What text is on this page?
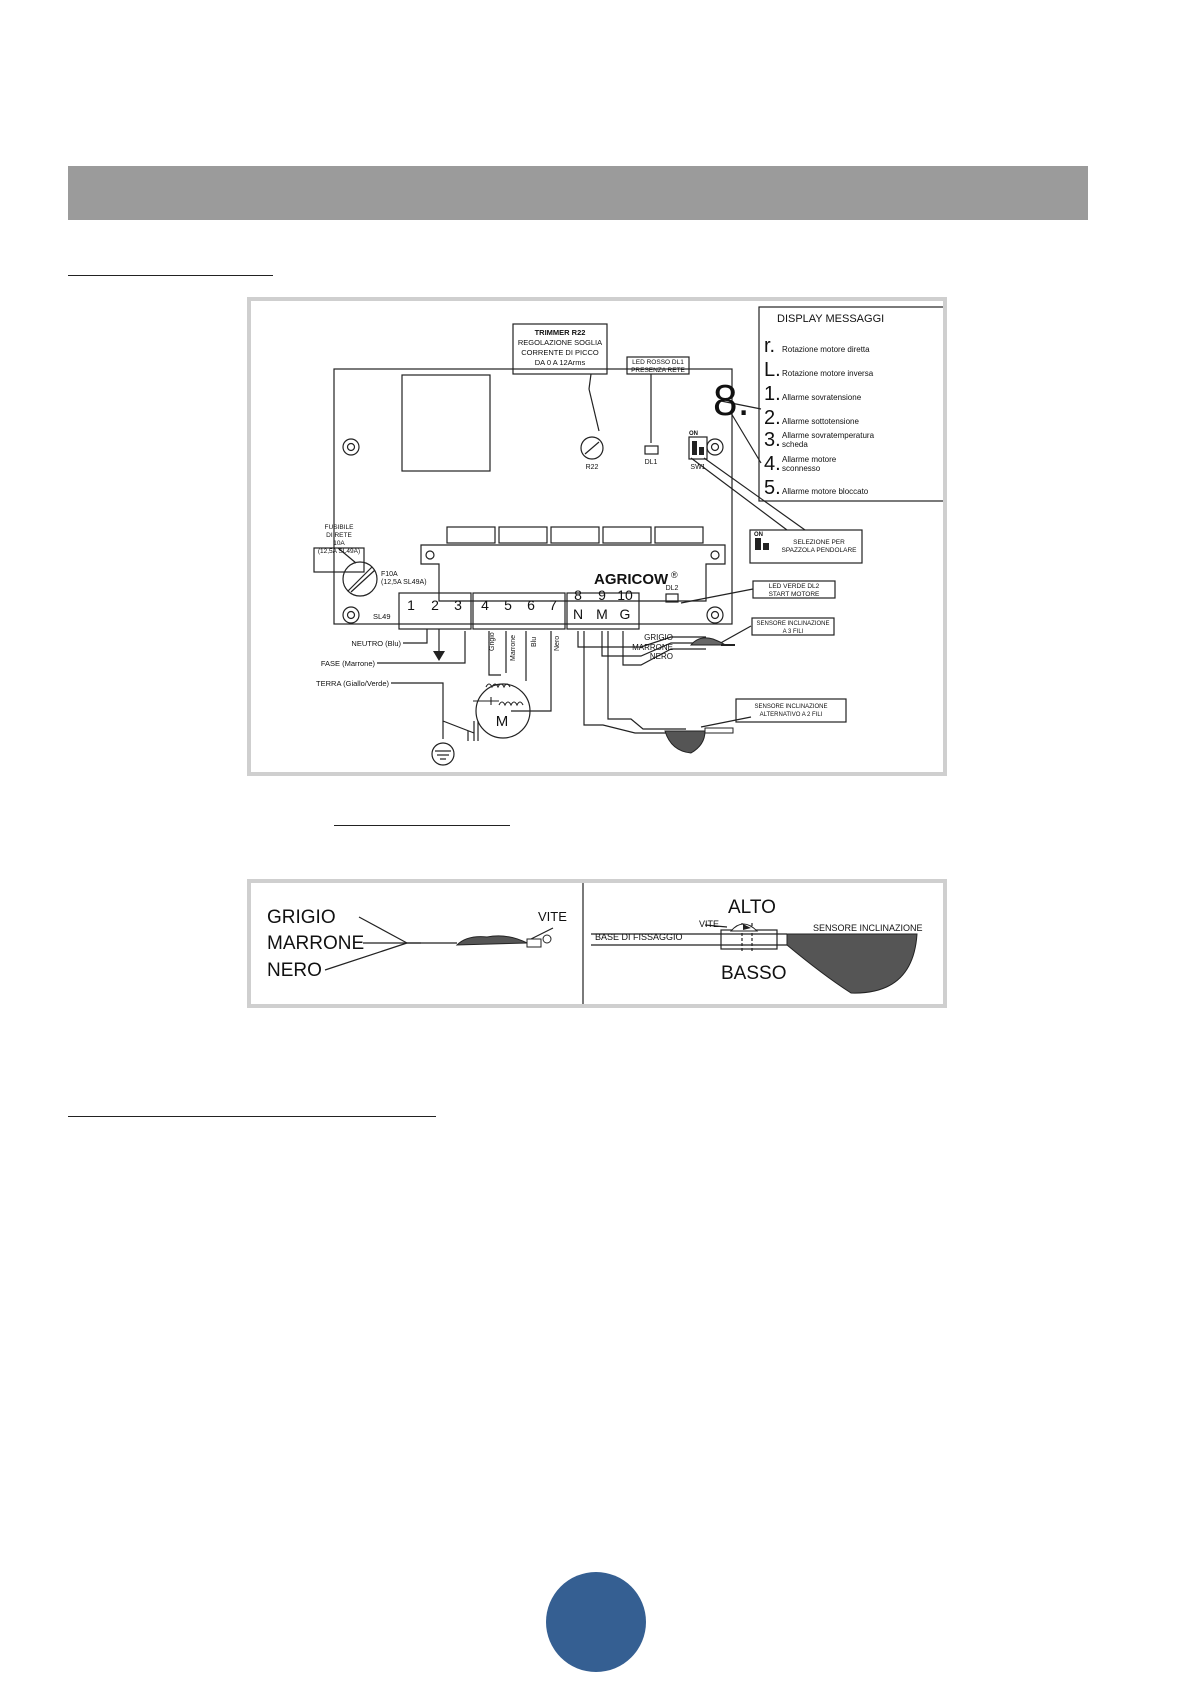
TRIMMER R22
REGOLAZIONE SOGLIA
CORRENTE DI PICCO
DA 0 A 12Arms	LED ROSSO DL1
PRESENZA RETE
R22
DL1
SW1
DL2
FUSIBILE
DI RETE
10A
(12,5A SL49A)
SELEZIONE PER
SPAZZOLA PENDOLARE
LED VERDE DL2
START MOTORE
SENSORE INCLINAZIONE
A 3 FILI
SENSORE INCLINAZIONE
ALTERNATIVO A 2 FILI
ON
ON
F10A
(12,5A SL49A)
SL49
AGRICOW ®
8.
DISPLAY MESSAGGI
r. Rotazione motore diretta
L. Rotazione motore inversa
1. Allarme sovratensione
2. Allarme sottotensione
3. Allarme sovratemperatura
scheda
4. Allarme motore
sconnesso
5. Allarme motore bloccato
1 2 3 4 5 6 7
8 9 10
N M G
Grigio Marrone Blu Nero
NEUTRO (Blu)
FASE (Marrone)
TERRA (Giallo/Verde)
M
GRIGIO
MARRONE
NERO
GRIGIO
MARRONE
NERO
VITE	ALTO
BASSO
VITE
BASE DI FISSAGGIO
SENSORE INCLINAZIONE
